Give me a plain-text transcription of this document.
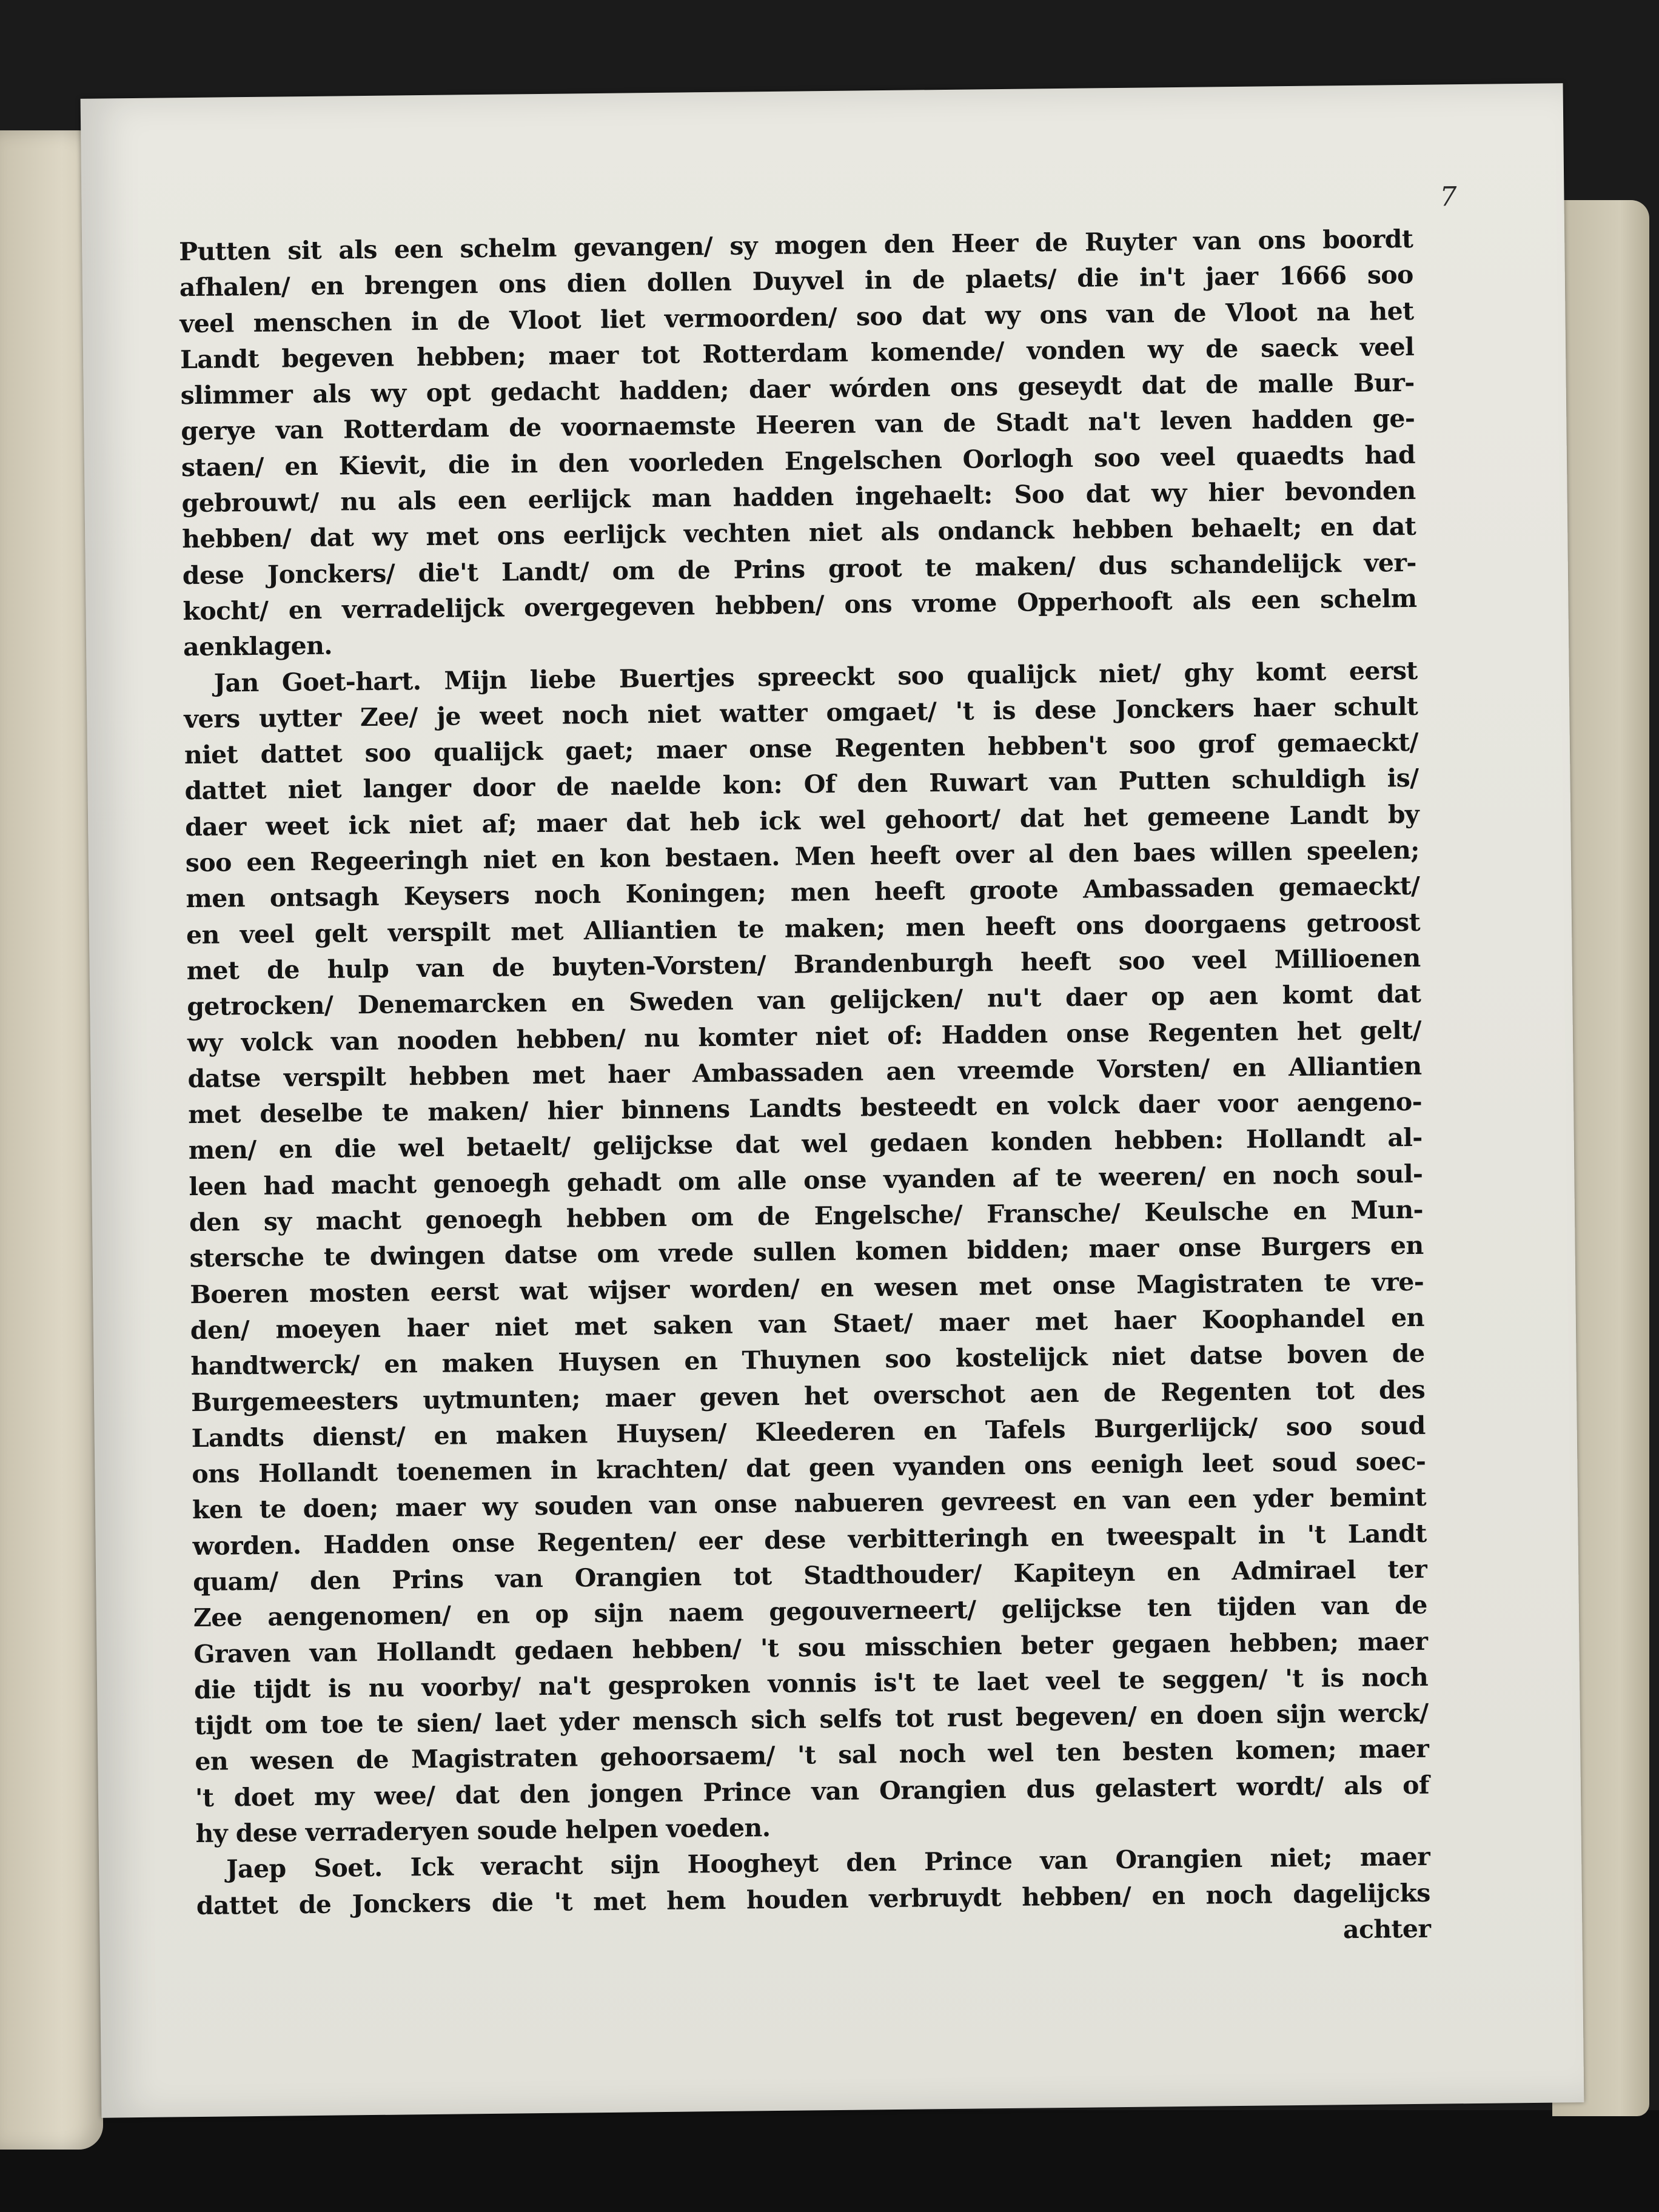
7
Putten sit als een schelm gevangen/ sy mogen den Heer de Ruyter van ons boordt
afhalen/ en brengen ons dien dollen Duyvel in de plaets/ die in't jaer 1666 soo
veel menschen in de Vloot liet vermoorden/ soo dat wy ons van de Vloot na het
Landt begeven hebben; maer tot Rotterdam komende/ vonden wy de saeck veel
slimmer als wy opt gedacht hadden; daer wórden ons geseydt dat de malle Bur-
gerye van Rotterdam de voornaemste Heeren van de Stadt na't leven hadden ge-
staen/ en Kievit, die in den voorleden Engelschen Oorlogh soo veel quaedts had
gebrouwt/ nu als een eerlijck man hadden ingehaelt: Soo dat wy hier bevonden
hebben/ dat wy met ons eerlijck vechten niet als ondanck hebben behaelt; en dat
dese Jonckers/ die't Landt/ om de Prins groot te maken/ dus schandelijck ver-
kocht/ en verradelijck overgegeven hebben/ ons vrome Opperhooft als een schelm
aenklagen.
Jan Goet-hart. Mijn liebe Buertjes spreeckt soo qualijck niet/ ghy komt eerst
vers uytter Zee/ je weet noch niet watter omgaet/ 't is dese Jonckers haer schult
niet dattet soo qualijck gaet; maer onse Regenten hebben't soo grof gemaeckt/
dattet niet langer door de naelde kon: Of den Ruwart van Putten schuldigh is/
daer weet ick niet af; maer dat heb ick wel gehoort/ dat het gemeene Landt by
soo een Regeeringh niet en kon bestaen. Men heeft over al den baes willen speelen;
men ontsagh Keysers noch Koningen; men heeft groote Ambassaden gemaeckt/
en veel gelt verspilt met Alliantien te maken; men heeft ons doorgaens getroost
met de hulp van de buyten-Vorsten/ Brandenburgh heeft soo veel Millioenen
getrocken/ Denemarcken en Sweden van gelijcken/ nu't daer op aen komt dat
wy volck van nooden hebben/ nu komter niet of: Hadden onse Regenten het gelt/
datse verspilt hebben met haer Ambassaden aen vreemde Vorsten/ en Alliantien
met deselbe te maken/ hier binnens Landts besteedt en volck daer voor aengeno-
men/ en die wel betaelt/ gelijckse dat wel gedaen konden hebben: Hollandt al-
leen had macht genoegh gehadt om alle onse vyanden af te weeren/ en noch soul-
den sy macht genoegh hebben om de Engelsche/ Fransche/ Keulsche en Mun-
stersche te dwingen datse om vrede sullen komen bidden; maer onse Burgers en
Boeren mosten eerst wat wijser worden/ en wesen met onse Magistraten te vre-
den/ moeyen haer niet met saken van Staet/ maer met haer Koophandel en
handtwerck/ en maken Huysen en Thuynen soo kostelijck niet datse boven de
Burgemeesters uytmunten; maer geven het overschot aen de Regenten tot des
Landts dienst/ en maken Huysen/ Kleederen en Tafels Burgerlijck/ soo soud
ons Hollandt toenemen in krachten/ dat geen vyanden ons eenigh leet soud soec-
ken te doen; maer wy souden van onse nabueren gevreest en van een yder bemint
worden. Hadden onse Regenten/ eer dese verbitteringh en tweespalt in 't Landt
quam/ den Prins van Orangien tot Stadthouder/ Kapiteyn en Admirael ter
Zee aengenomen/ en op sijn naem gegouverneert/ gelijckse ten tijden van de
Graven van Hollandt gedaen hebben/ 't sou misschien beter gegaen hebben; maer
die tijdt is nu voorby/ na't gesproken vonnis is't te laet veel te seggen/ 't is noch
tijdt om toe te sien/ laet yder mensch sich selfs tot rust begeven/ en doen sijn werck/
en wesen de Magistraten gehoorsaem/ 't sal noch wel ten besten komen; maer
't doet my wee/ dat den jongen Prince van Orangien dus gelastert wordt/ als of
hy dese verraderyen soude helpen voeden.
Jaep Soet. Ick veracht sijn Hoogheyt den Prince van Orangien niet; maer
dattet de Jonckers die 't met hem houden verbruydt hebben/ en noch dagelijcks
achter
